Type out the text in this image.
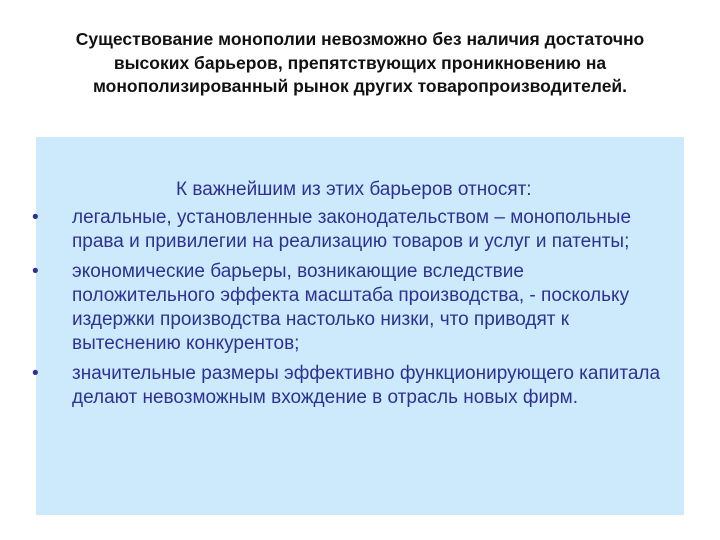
Существование монополии невозможно без наличия достаточно высоких барьеров, препятствующих проникновению на монополизированный рынок других товаропроизводителей.
К важнейшим из этих барьеров относят:
• легальные, установленные законодательством – монопольные права и привилегии на реализацию товаров и услуг и патенты;
• экономические барьеры, возникающие вследствие положительного эффекта масштаба производства, - поскольку издержки производства настолько низки, что приводят к вытеснению конкурентов;
• значительные размеры эффективно функционирующего капитала делают невозможным вхождение в отрасль новых фирм.
